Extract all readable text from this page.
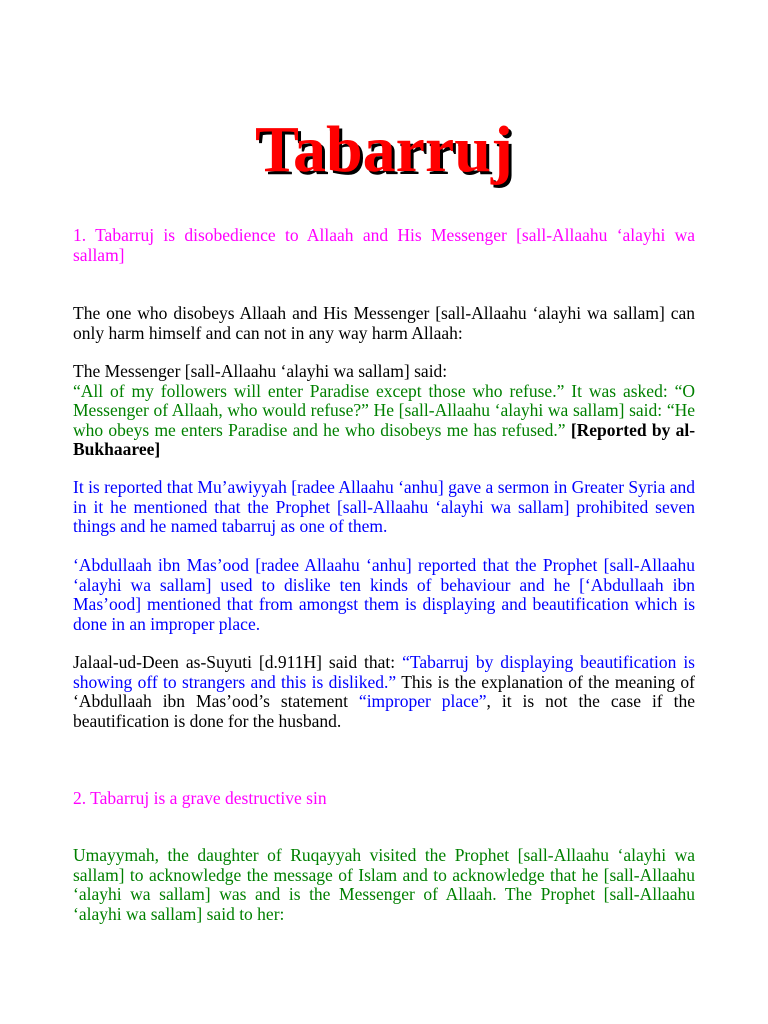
Tabarruj

1. Tabarruj is disobedience to Allaah and His Messenger [sall-Allaahu ‘alayhi wa sallam]

The one who disobeys Allaah and His Messenger [sall-Allaahu ‘alayhi wa sallam] can only harm himself and can not in any way harm Allaah:

The Messenger [sall-Allaahu ‘alayhi wa sallam] said:
“All of my followers will enter Paradise except those who refuse.” It was asked: “O Messenger of Allaah, who would refuse?” He [sall-Allaahu ‘alayhi wa sallam] said: “He who obeys me enters Paradise and he who disobeys me has refused.” [Reported by al-Bukhaaree]

It is reported that Mu’awiyyah [radee Allaahu ‘anhu] gave a sermon in Greater Syria and in it he mentioned that the Prophet [sall-Allaahu ‘alayhi wa sallam] prohibited seven things and he named tabarruj as one of them.

‘Abdullaah ibn Mas’ood [radee Allaahu ‘anhu] reported that the Prophet [sall-Allaahu ‘alayhi wa sallam] used to dislike ten kinds of behaviour and he [‘Abdullaah ibn Mas’ood] mentioned that from amongst them is displaying and beautification which is done in an improper place.

Jalaal-ud-Deen as-Suyuti [d.911H] said that: “Tabarruj by displaying beautification is showing off to strangers and this is disliked.” This is the explanation of the meaning of ‘Abdullaah ibn Mas’ood’s statement “improper place”, it is not the case if the beautification is done for the husband.

2. Tabarruj is a grave destructive sin

Umayymah, the daughter of Ruqayyah visited the Prophet [sall-Allaahu ‘alayhi wa sallam] to acknowledge the message of Islam and to acknowledge that he [sall-Allaahu ‘alayhi wa sallam] was and is the Messenger of Allaah. The Prophet [sall-Allaahu ‘alayhi wa sallam] said to her:
